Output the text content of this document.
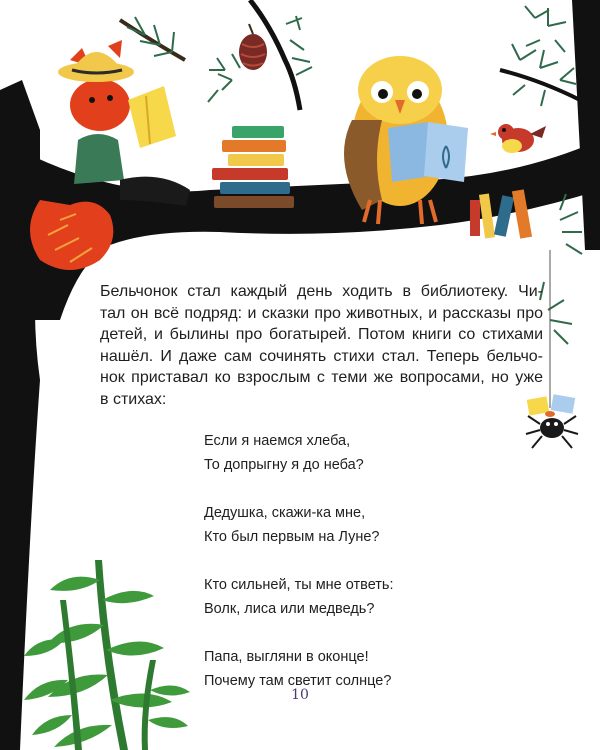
Бельчонок стал каждый день ходить в библиотеку. Чи-
тал он всё подряд: и сказки про животных, и рассказы про
детей, и былины про богатырей. Потом книги со стихами
нашёл. И даже сам сочинять стихи стал. Теперь бельчо-
нок приставал ко взрослым с теми же вопросами, но уже
в стихах:
Если я наемся хлеба,
То допрыгну я до неба?
Дедушка, скажи-ка мне,
Кто был первым на Луне?
Кто сильней, ты мне ответь:
Волк, лиса или медведь?
Папа, выгляни в оконце!
Почему там светит солнце?
10
